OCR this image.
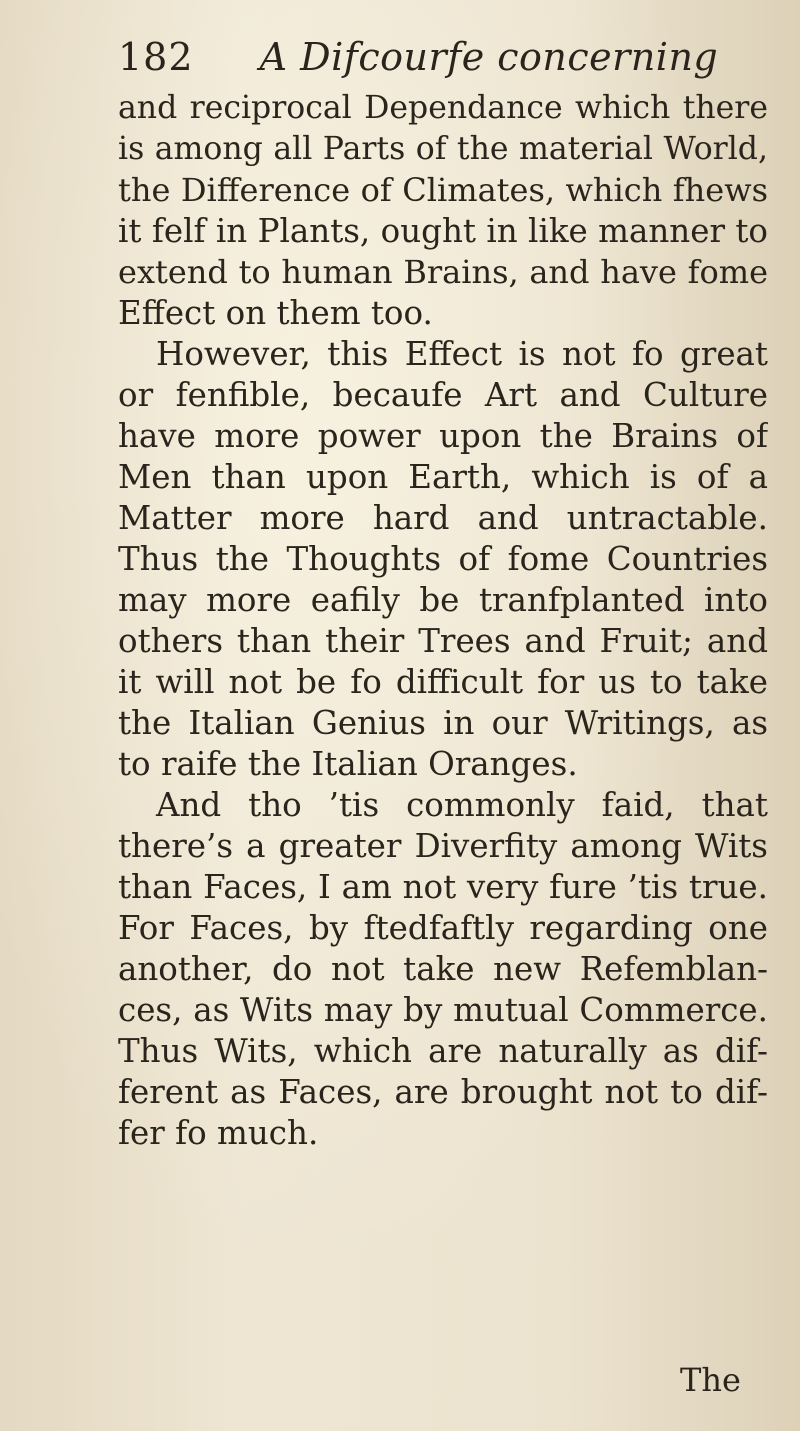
182 A Difcourfe concerning
and reciprocal Dependance which there
is among all Parts of the material World,
the Difference of Climates, which fhews
it felf in Plants, ought in like manner to
extend to human Brains, and have fome
Effect on them too.
However, this Effect is not fo great
or fenfible, becaufe Art and Culture
have more power upon the Brains of
Men than upon Earth, which is of a
Matter more hard and untractable.
Thus the Thoughts of fome Countries
may more eafily be tranfplanted into
others than their Trees and Fruit; and
it will not be fo difficult for us to take
the Italian Genius in our Writings, as
to raife the Italian Oranges.
And tho ’tis commonly faid, that
there’s a greater Diverfity among Wits
than Faces, I am not very fure ’tis true.
For Faces, by ftedfaftly regarding one
another, do not take new Refemblan-
ces, as Wits may by mutual Commerce.
Thus Wits, which are naturally as dif-
ferent as Faces, are brought not to dif-
fer fo much.
The
